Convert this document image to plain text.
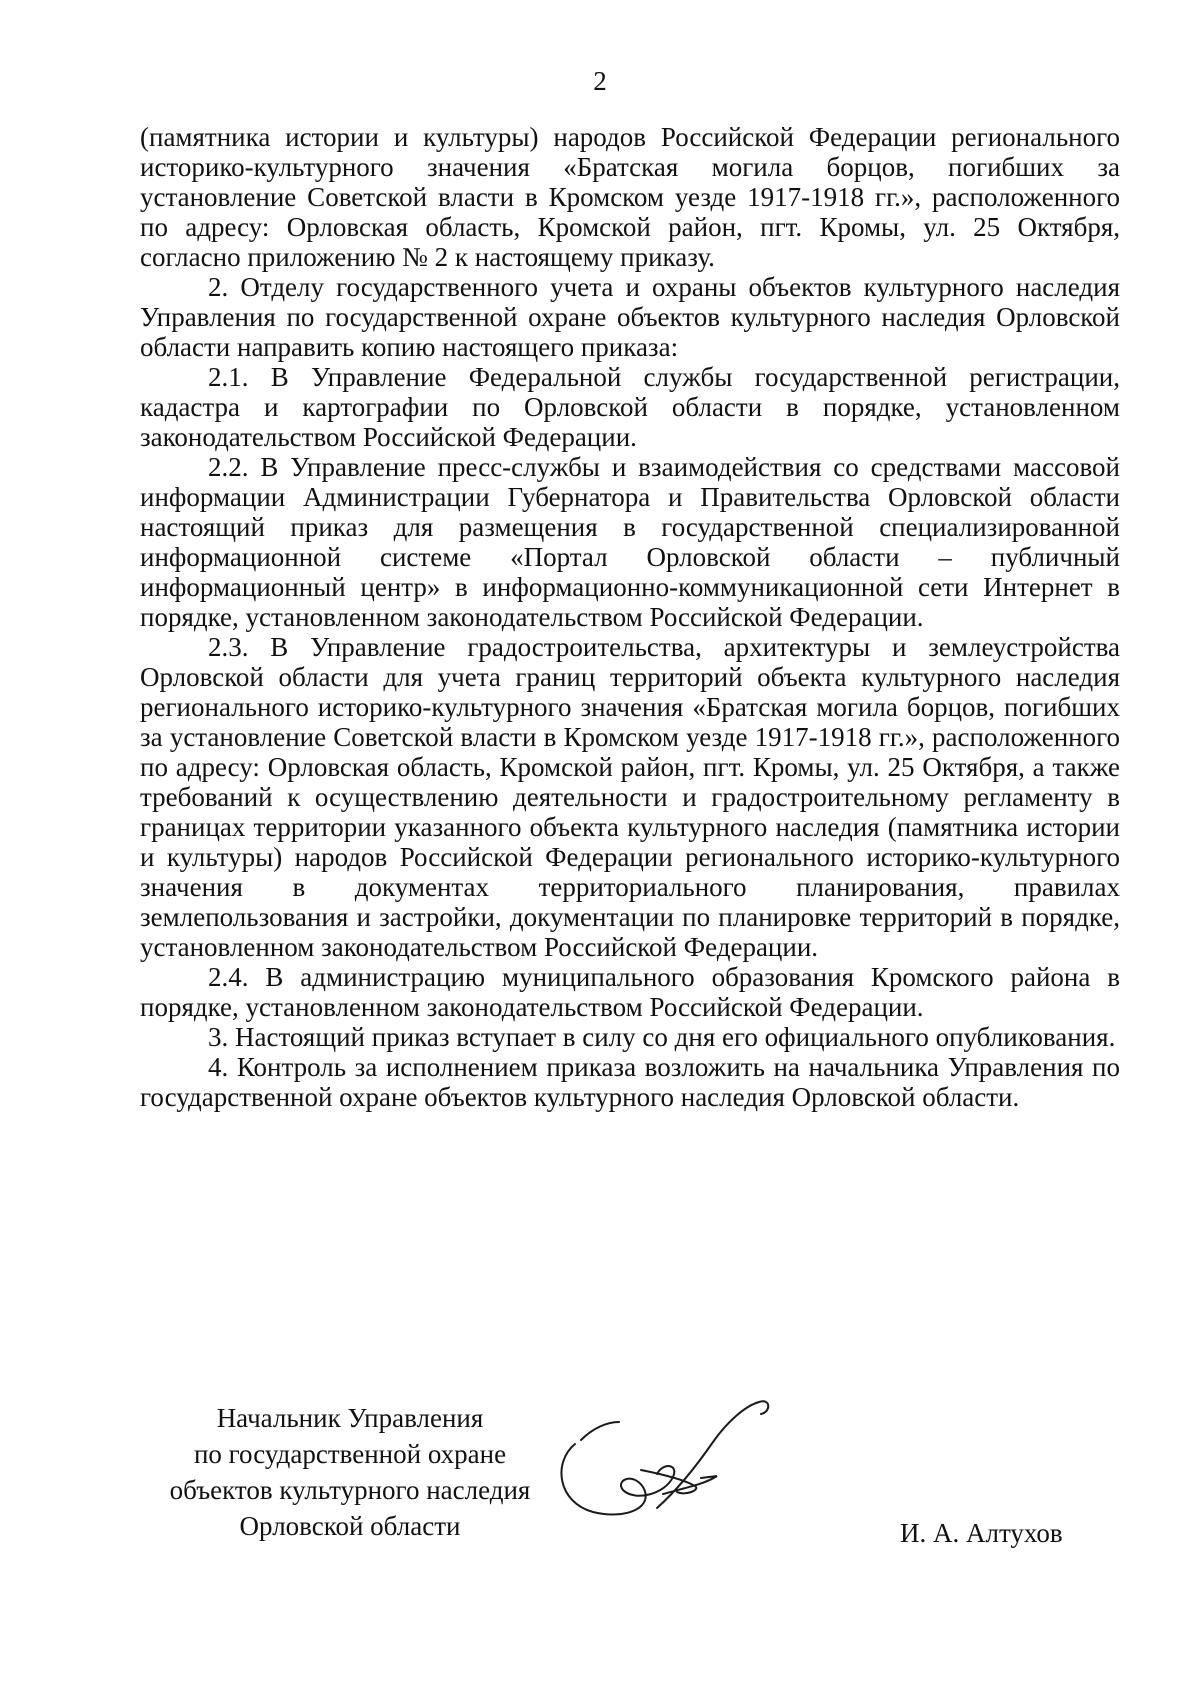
2

(памятника истории и культуры) народов Российской Федерации регионального историко-культурного значения «Братская могила борцов, погибших за установление Советской власти в Кромском уезде 1917-1918 гг.», расположенного по адресу: Орловская область, Кромской район, пгт. Кромы, ул. 25 Октября, согласно приложению № 2 к настоящему приказу.

2. Отделу государственного учета и охраны объектов культурного наследия Управления по государственной охране объектов культурного наследия Орловской области направить копию настоящего приказа:

2.1. В Управление Федеральной службы государственной регистрации, кадастра и картографии по Орловской области в порядке, установленном законодательством Российской Федерации.

2.2. В Управление пресс-службы и взаимодействия со средствами массовой информации Администрации Губернатора и Правительства Орловской области настоящий приказ для размещения в государственной специализированной информационной системе «Портал Орловской области – публичный информационный центр» в информационно-коммуникационной сети Интернет в порядке, установленном законодательством Российской Федерации.

2.3. В Управление градостроительства, архитектуры и землеустройства Орловской области для учета границ территорий объекта культурного наследия регионального историко-культурного значения «Братская могила борцов, погибших за установление Советской власти в Кромском уезде 1917-1918 гг.», расположенного по адресу: Орловская область, Кромской район, пгт. Кромы, ул. 25 Октября, а также требований к осуществлению деятельности и градостроительному регламенту в границах территории указанного объекта культурного наследия (памятника истории и культуры) народов Российской Федерации регионального историко-культурного значения в документах территориального планирования, правилах землепользования и застройки, документации по планировке территорий в порядке, установленном законодательством Российской Федерации.

2.4. В администрацию муниципального образования Кромского района в порядке, установленном законодательством Российской Федерации.

3. Настоящий приказ вступает в силу со дня его официального опубликования.

4. Контроль за исполнением приказа возложить на начальника Управления по государственной охране объектов культурного наследия Орловской области.

Начальник Управления
по государственной охране
объектов культурного наследия
Орловской области	И. А. Алтухов
